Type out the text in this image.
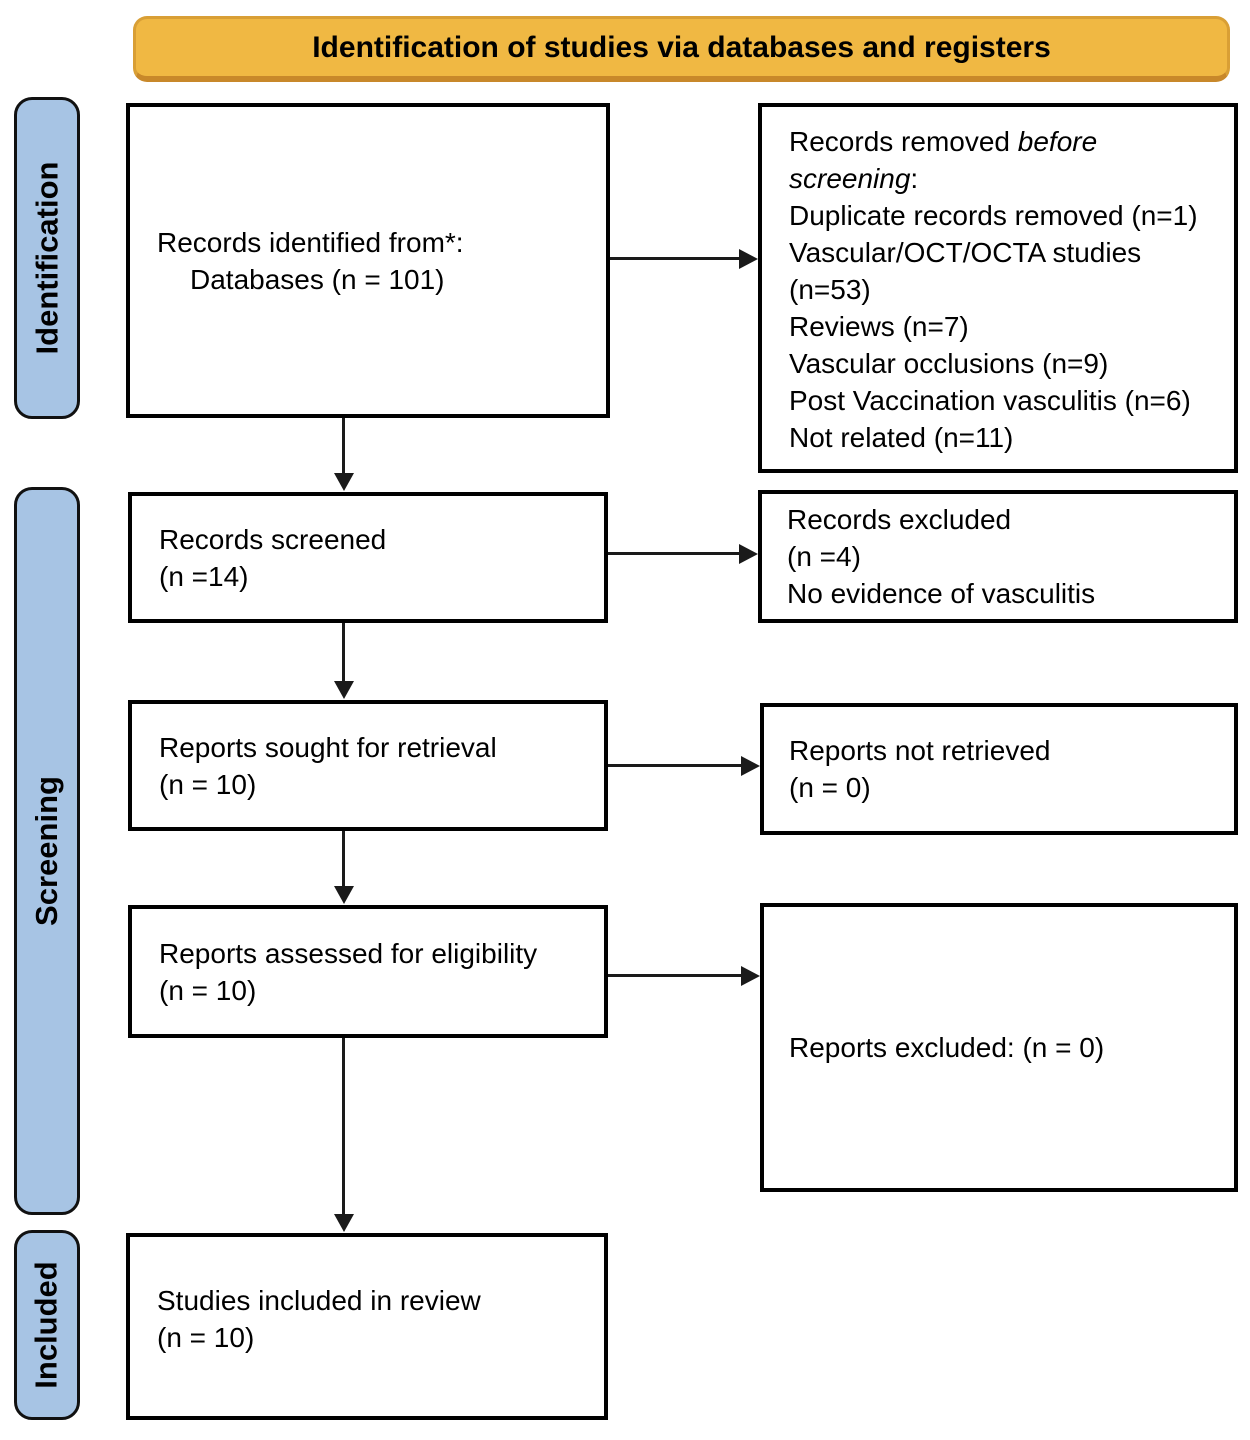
Identification of studies via databases and registers
Identification
Screening
Included
Records identified from*:
Databases (n = 101)
Records removed before
screening:
Duplicate records removed (n=1)
Vascular/OCT/OCTA studies (n=53)
Reviews (n=7)
Vascular occlusions (n=9)
Post Vaccination vasculitis (n=6)
Not related (n=11)
Records screened
(n =14)
Records excluded
(n =4)
No evidence of vasculitis
Reports sought for retrieval
(n = 10)
Reports not retrieved
(n = 0)
Reports assessed for eligibility
(n = 10)
Reports excluded: (n = 0)
Studies included in review
(n = 10)
